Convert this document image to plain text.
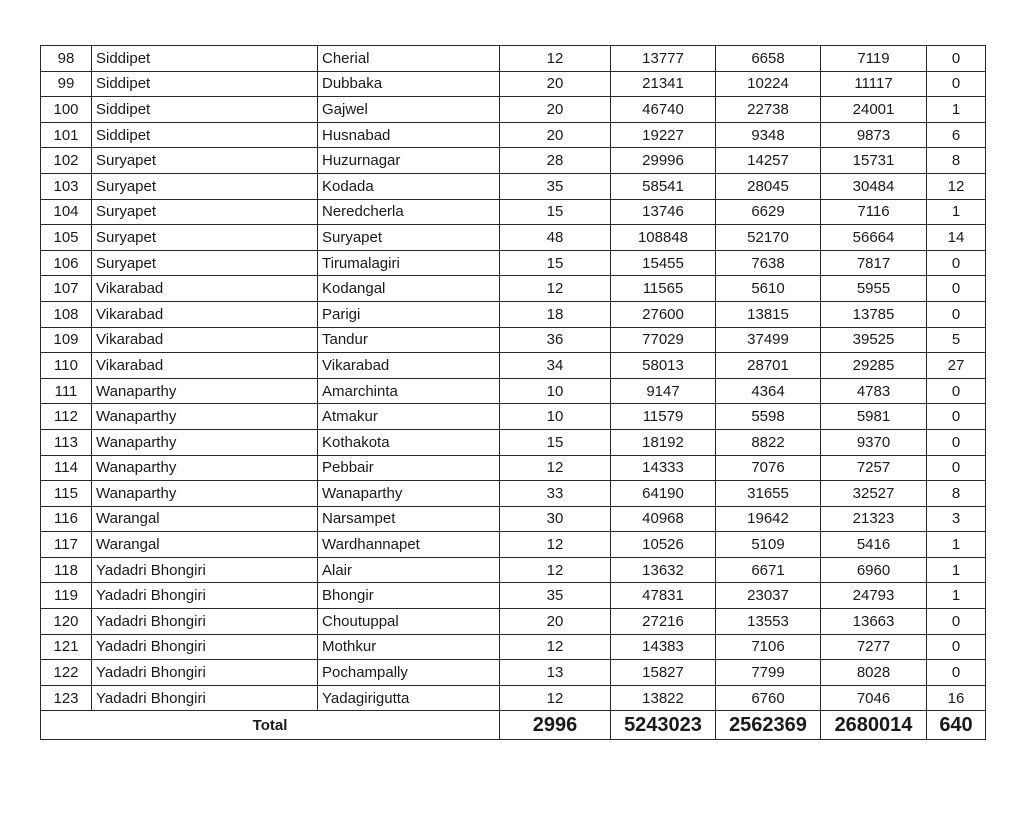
98	Siddipet	Cherial	12	13777	6658	7119	0
99	Siddipet	Dubbaka	20	21341	10224	11117	0
100	Siddipet	Gajwel	20	46740	22738	24001	1
101	Siddipet	Husnabad	20	19227	9348	9873	6
102	Suryapet	Huzurnagar	28	29996	14257	15731	8
103	Suryapet	Kodada	35	58541	28045	30484	12
104	Suryapet	Neredcherla	15	13746	6629	7116	1
105	Suryapet	Suryapet	48	108848	52170	56664	14
106	Suryapet	Tirumalagiri	15	15455	7638	7817	0
107	Vikarabad	Kodangal	12	11565	5610	5955	0
108	Vikarabad	Parigi	18	27600	13815	13785	0
109	Vikarabad	Tandur	36	77029	37499	39525	5
110	Vikarabad	Vikarabad	34	58013	28701	29285	27
111	Wanaparthy	Amarchinta	10	9147	4364	4783	0
112	Wanaparthy	Atmakur	10	11579	5598	5981	0
113	Wanaparthy	Kothakota	15	18192	8822	9370	0
114	Wanaparthy	Pebbair	12	14333	7076	7257	0
115	Wanaparthy	Wanaparthy	33	64190	31655	32527	8
116	Warangal	Narsampet	30	40968	19642	21323	3
117	Warangal	Wardhannapet	12	10526	5109	5416	1
118	Yadadri Bhongiri	Alair	12	13632	6671	6960	1
119	Yadadri Bhongiri	Bhongir	35	47831	23037	24793	1
120	Yadadri Bhongiri	Choutuppal	20	27216	13553	13663	0
121	Yadadri Bhongiri	Mothkur	12	14383	7106	7277	0
122	Yadadri Bhongiri	Pochampally	13	15827	7799	8028	0
123	Yadadri Bhongiri	Yadagirigutta	12	13822	6760	7046	16
Total			2996	5243023	2562369	2680014	640
